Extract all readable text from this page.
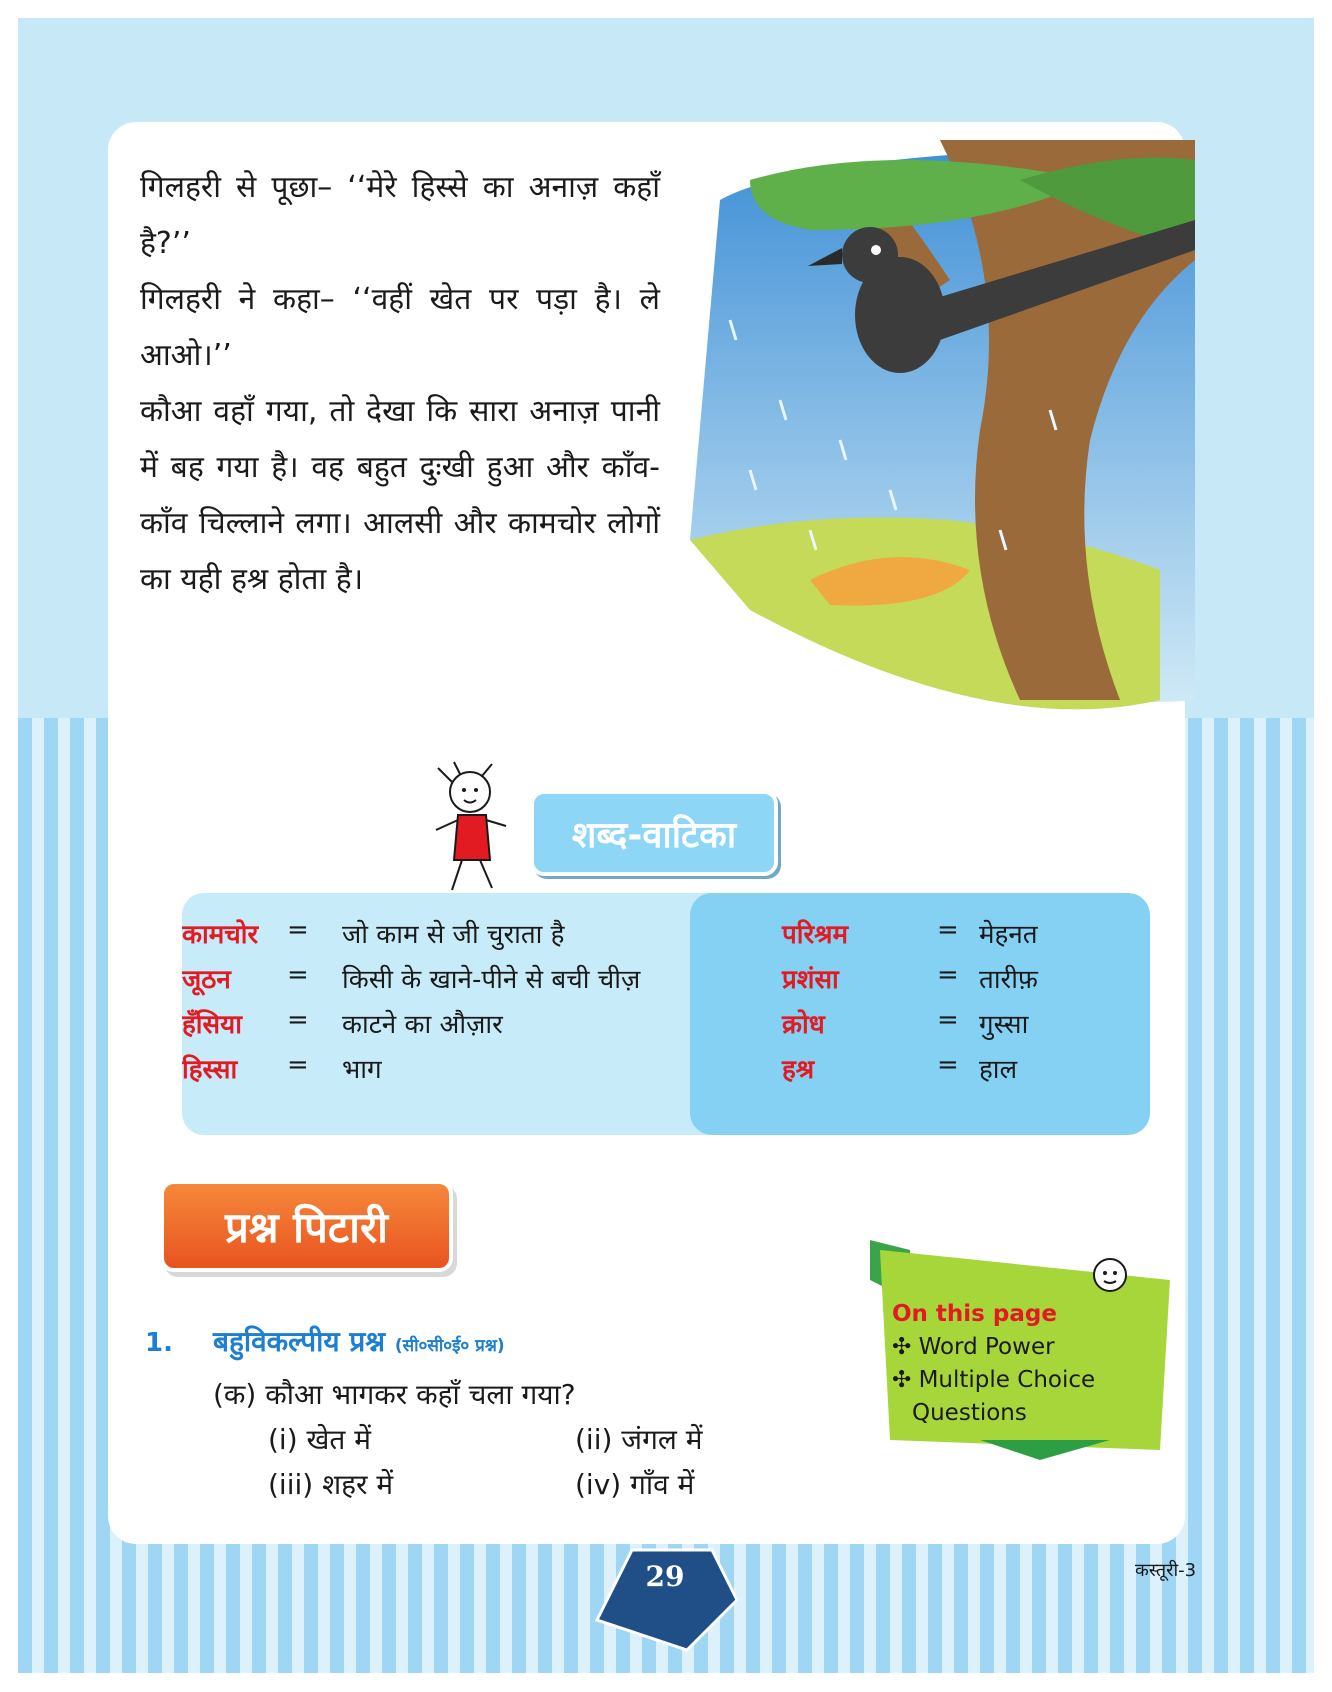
गिलहरी से पूछा– ‘‘मेरे हिस्से का अनाज़ कहाँ है?’’

गिलहरी ने कहा– ‘‘वहीं खेत पर पड़ा है। ले आओ।’’

कौआ वहाँ गया, तो देखा कि सारा अनाज़ पानी में बह गया है। वह बहुत दुःखी हुआ और काँव-काँव चिल्लाने लगा। आलसी और कामचोर लोगों का यही हश्र होता है।

शब्द-वाटिका
कामचोर = जो काम से जी चुराता है
जूठन = किसी के खाने-पीने से बची चीज़
हँसिया = काटने का औज़ार
हिस्सा = भाग
परिश्रम	= मेहनत
प्रशंसा	= तारीफ़
क्रोध	= गुस्सा
हश्र	= हाल
प्रश्न पिटारी
1. बहुविकल्पीय प्रश्न (सी०सी०ई० प्रश्न)
(क) कौआ भागकर कहाँ चला गया?
(i) खेत में	(ii) जंगल में
(iii) शहर में	(iv) गाँव में
On this page
✣ Word Power
✣ Multiple Choice
Questions
29	कस्तूरी-3
